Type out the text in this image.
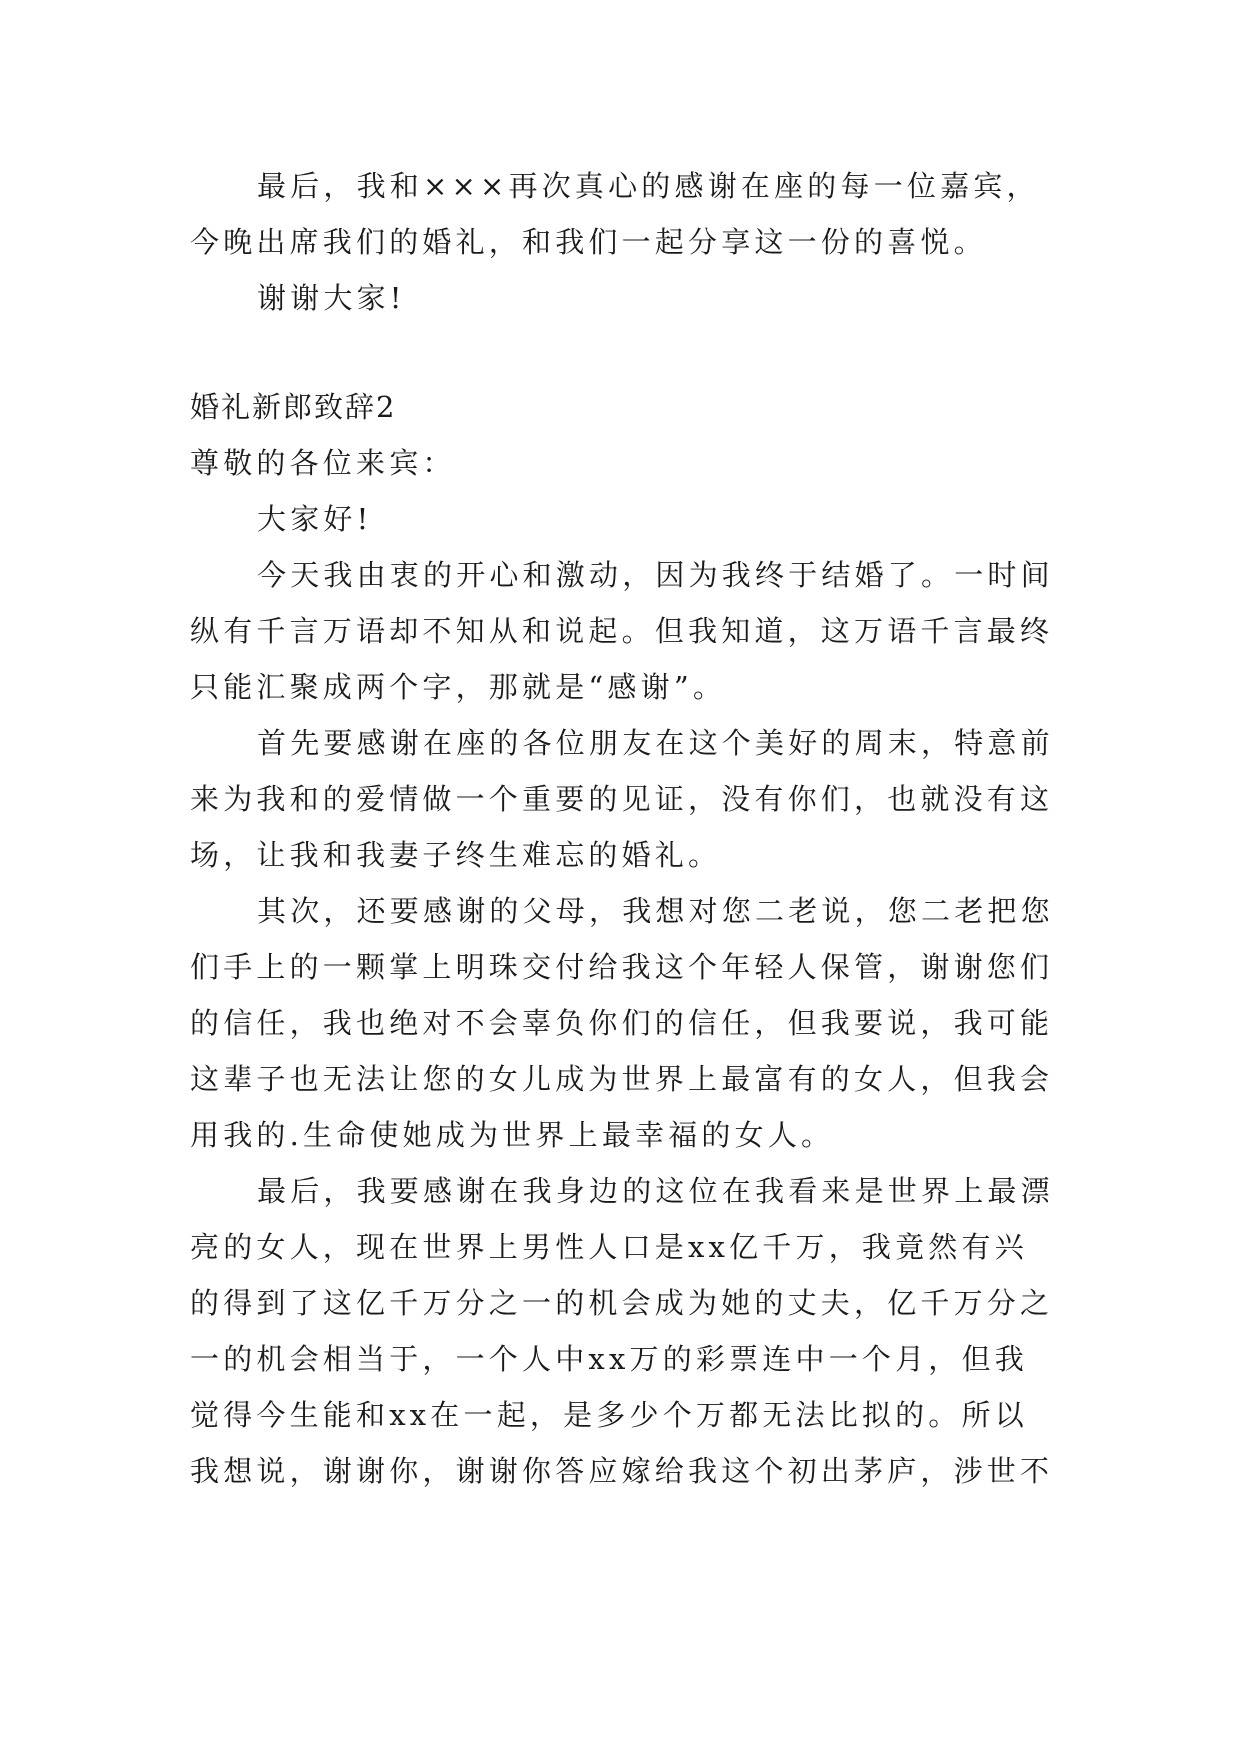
最后，我和×××再次真心的感谢在座的每一位嘉宾，
今晚出席我们的婚礼，和我们一起分享这一份的喜悦。
谢谢大家!
婚礼新郎致辞2
尊敬的各位来宾：
大家好!
今天我由衷的开心和激动，因为我终于结婚了。一时间
纵有千言万语却不知从和说起。但我知道，这万语千言最终
只能汇聚成两个字，那就是“感谢”。
首先要感谢在座的各位朋友在这个美好的周末，特意前
来为我和的爱情做一个重要的见证，没有你们，也就没有这
场，让我和我妻子终生难忘的婚礼。
其次，还要感谢的父母，我想对您二老说，您二老把您
们手上的一颗掌上明珠交付给我这个年轻人保管，谢谢您们
的信任，我也绝对不会辜负你们的信任，但我要说，我可能
这辈子也无法让您的女儿成为世界上最富有的女人，但我会
用我的.生命使她成为世界上最幸福的女人。
最后，我要感谢在我身边的这位在我看来是世界上最漂
亮的女人，现在世界上男性人口是xx亿千万，我竟然有兴
的得到了这亿千万分之一的机会成为她的丈夫，亿千万分之
一的机会相当于，一个人中xx万的彩票连中一个月，但我
觉得今生能和xx在一起，是多少个万都无法比拟的。所以
我想说，谢谢你，谢谢你答应嫁给我这个初出茅庐，涉世不
